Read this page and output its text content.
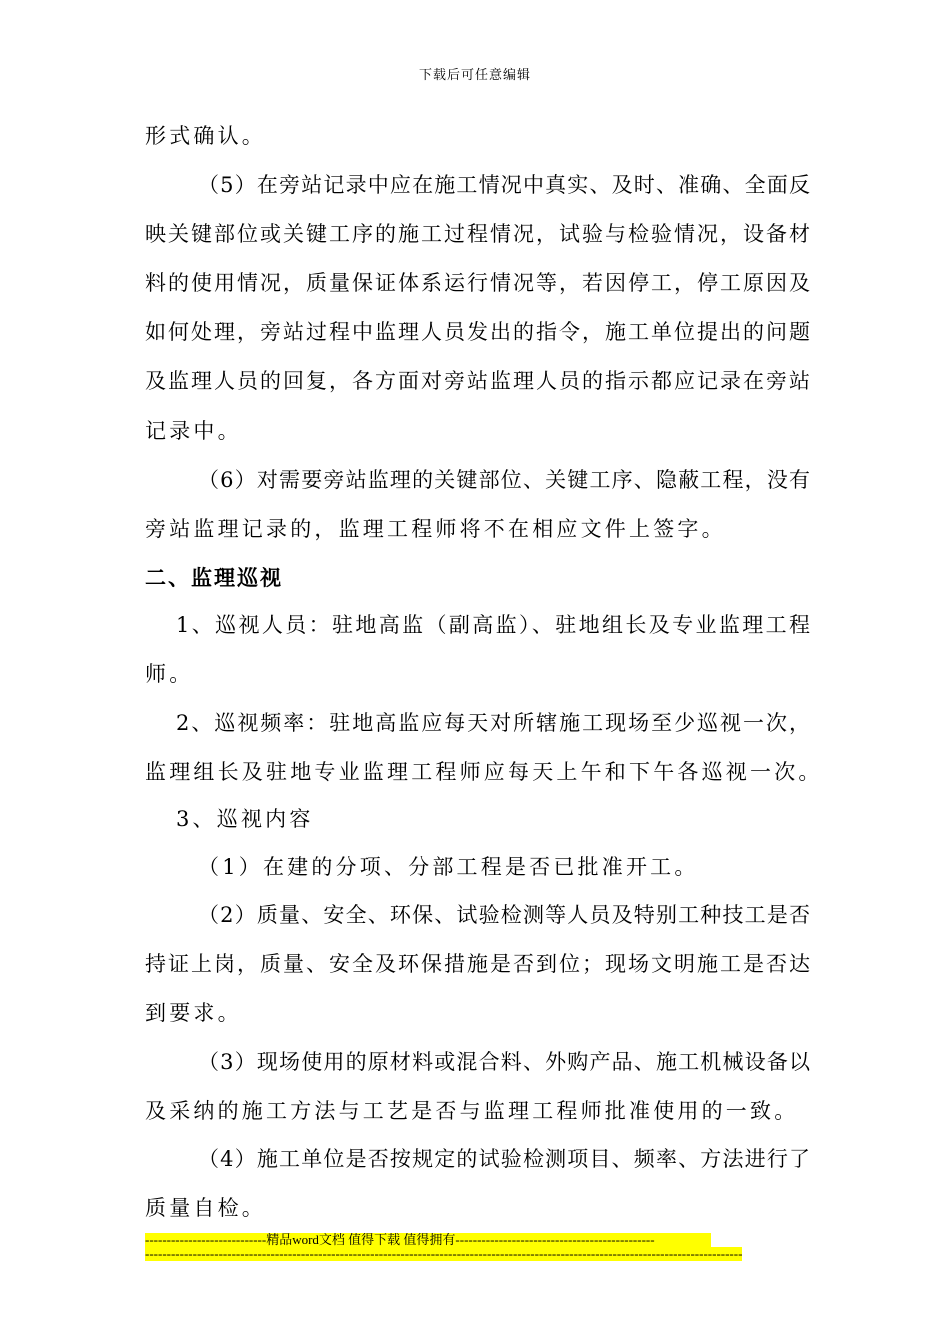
下载后可任意编辑
形式确认。
（5）在旁站记录中应在施工情况中真实、及时、准确、全面反
映关键部位或关键工序的施工过程情况，试验与检验情况，设备材
料的使用情况，质量保证体系运行情况等，若因停工，停工原因及
如何处理，旁站过程中监理人员发出的指令，施工单位提出的问题
及监理人员的回复，各方面对旁站监理人员的指示都应记录在旁站
记录中。
（6）对需要旁站监理的关键部位、关键工序、隐蔽工程，没有
旁站监理记录的，监理工程师将不在相应文件上签字。
二、监理巡视
1、巡视人员：驻地高监（副高监）、驻地组长及专业监理工程
师。
2、巡视频率：驻地高监应每天对所辖施工现场至少巡视一次，
监理组长及驻地专业监理工程师应每天上午和下午各巡视一次。
3、巡视内容
（1）在建的分项、分部工程是否已批准开工。
（2）质量、安全、环保、试验检测等人员及特别工种技工是否
持证上岗，质量、安全及环保措施是否到位；现场文明施工是否达
到要求。
（3）现场使用的原材料或混合料、外购产品、施工机械设备以
及采纳的施工方法与工艺是否与监理工程师批准使用的一致。
（4）施工单位是否按规定的试验检测项目、频率、方法进行了
质量自检。
----------------------------精品word文档 值得下载 值得拥有----------------------------------------------
------------------------------------------------------------------------------------------------------------------------------------------
